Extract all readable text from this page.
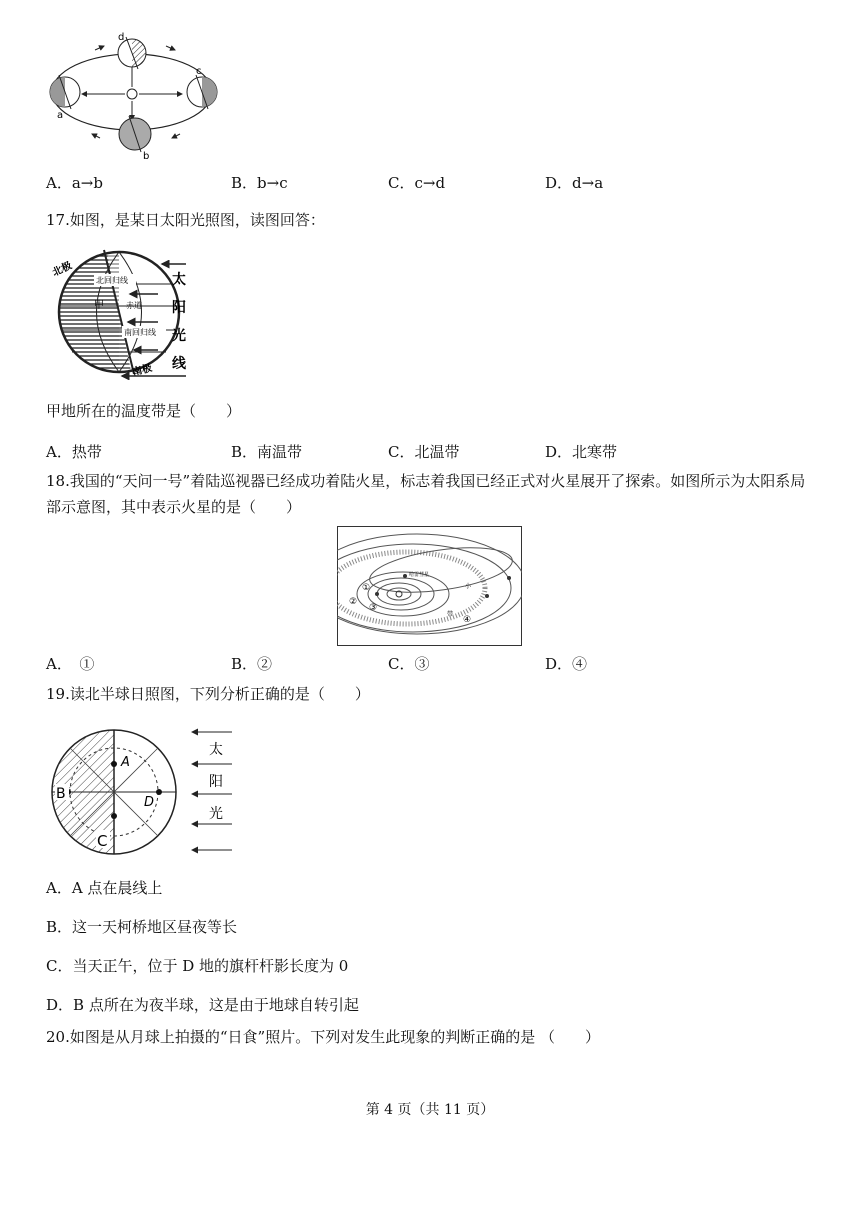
d
a
c
b
A．a→b	B．b→c	C．c→d	D．d→a
17.如图，是某日太阳光照图，读图回答：
北回归线
甲	赤道
南回归线
北极
南极
太
阳
光
线
甲地所在的温度带是（　　）
A．热带	B．南温带	C．北温带	D．北寒带
18.我国的“天问一号”着陆巡视器已经成功着陆火星，标志着我国已经正式对火星展开了探索。如图所示为太阳系局部示意图，其中表示火星的是（　　）
哈雷彗星
①
②
③
④
小
带
A．　①	B．②	C．③	D．④
19.读北半球日照图，下列分析正确的是（　　）
A
B
C
D
太
阳
光
A．A 点在晨线上
B．这一天柯桥地区昼夜等长
C．当天正午，位于 D 地的旗杆杆影长度为 0
D．B 点所在为夜半球，这是由于地球自转引起
20.如图是从月球上拍摄的“日食”照片。下列对发生此现象的判断正确的是 （　　）
第 4 页（共 11 页）
